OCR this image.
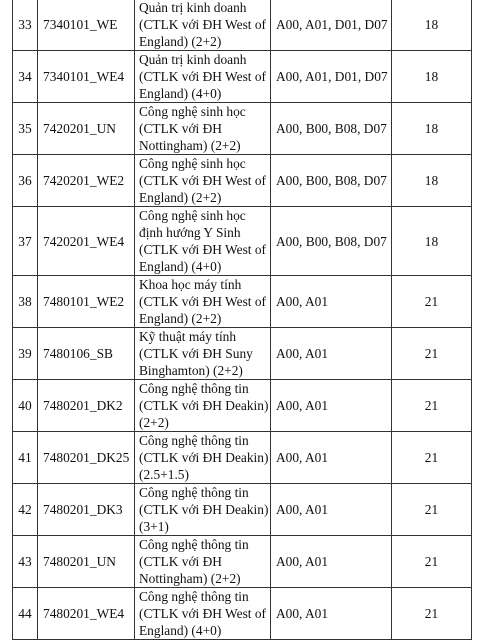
33	7340101_WE	Quản trị kinh doanh
(CTLK với ĐH West of
England) (2+2)	A00, A01, D01, D07	18
34	7340101_WE4	Quản trị kinh doanh
(CTLK với ĐH West of
England) (4+0)	A00, A01, D01, D07	18
35	7420201_UN	Công nghệ sinh học
(CTLK với ĐH
Nottingham) (2+2)	A00, B00, B08, D07	18
36	7420201_WE2	Công nghệ sinh học
(CTLK với ĐH West of
England) (2+2)	A00, B00, B08, D07	18
37	7420201_WE4	Công nghệ sinh học
định hướng Y Sinh
(CTLK với ĐH West of
England) (4+0)	A00, B00, B08, D07	18
38	7480101_WE2	Khoa học máy tính
(CTLK với ĐH West of
England) (2+2)	A00, A01	21
39	7480106_SB	Kỹ thuật máy tính
(CTLK với ĐH Suny
Binghamton) (2+2)	A00, A01	21
40	7480201_DK2	Công nghệ thông tin
(CTLK với ĐH Deakin)
(2+2)	A00, A01	21
41	7480201_DK25	Công nghệ thông tin
(CTLK với ĐH Deakin)
(2.5+1.5)	A00, A01	21
42	7480201_DK3	Công nghệ thông tin
(CTLK với ĐH Deakin)
(3+1)	A00, A01	21
43	7480201_UN	Công nghệ thông tin
(CTLK với ĐH
Nottingham) (2+2)	A00, A01	21
44	7480201_WE4	Công nghệ thông tin
(CTLK với ĐH West of
England) (4+0)	A00, A01	21
